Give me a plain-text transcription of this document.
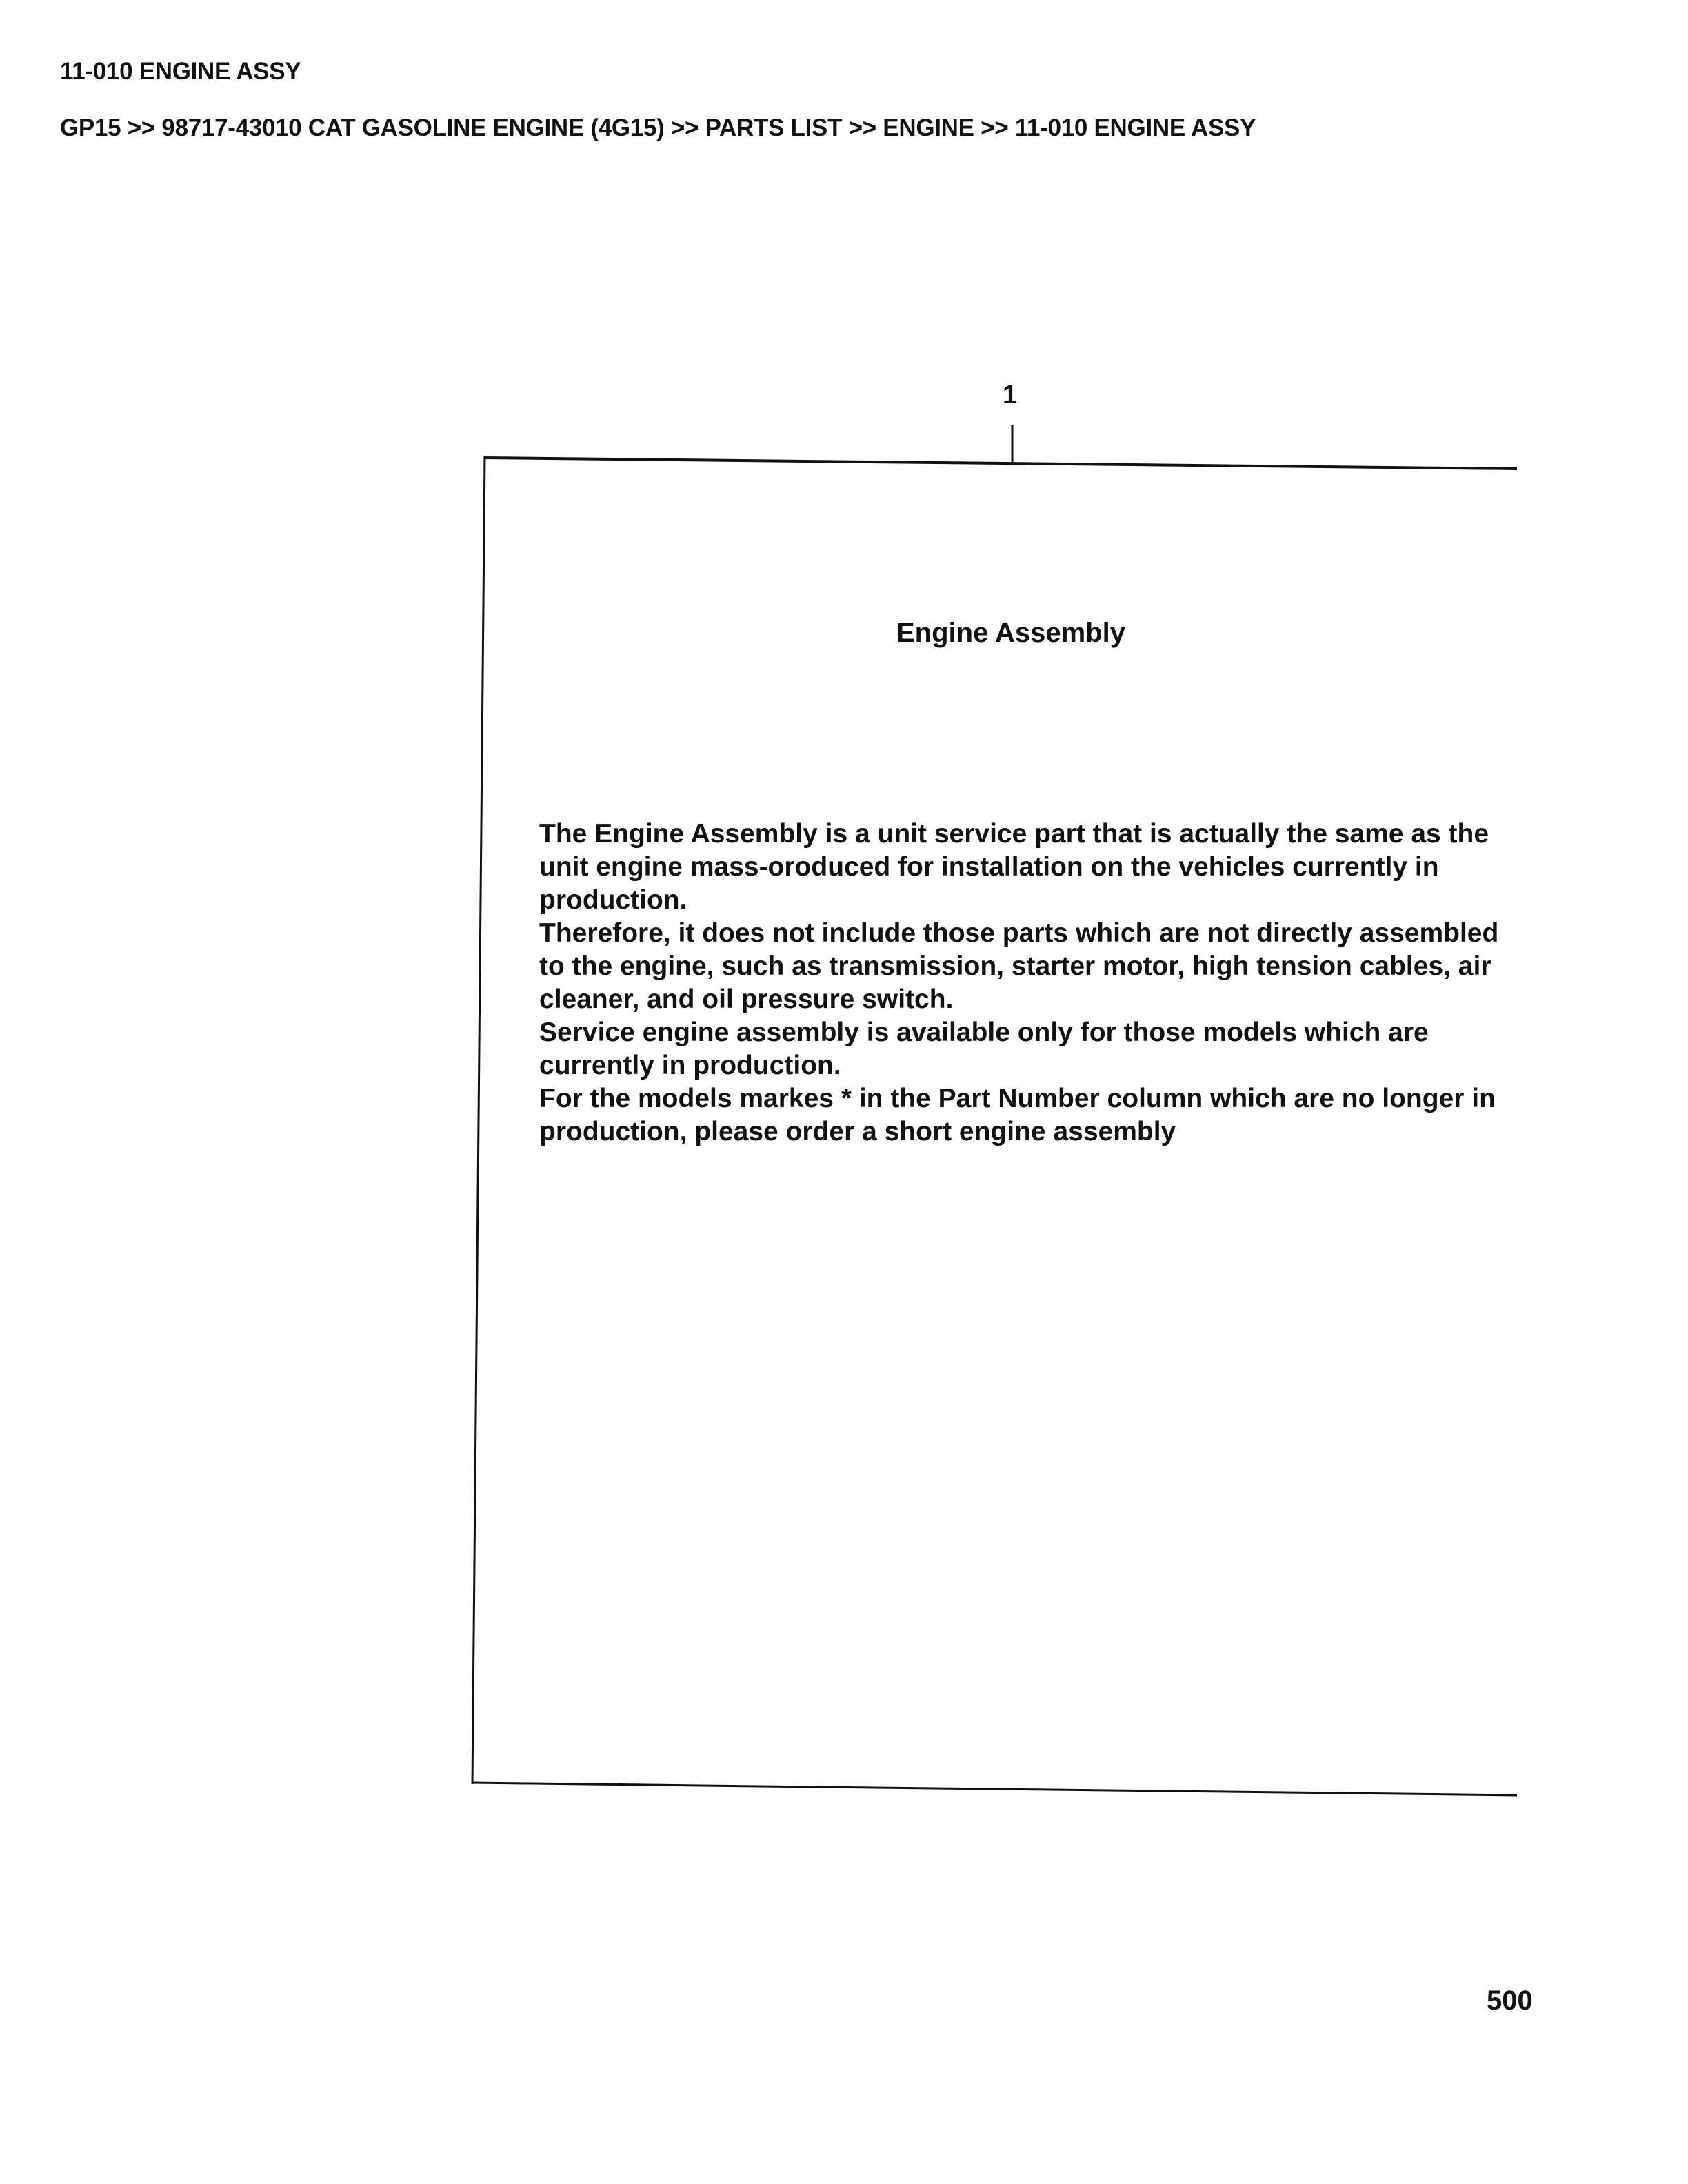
11-010 ENGINE ASSY
GP15 >> 98717-43010 CAT GASOLINE ENGINE (4G15) >> PARTS LIST >> ENGINE >> 11-010 ENGINE ASSY
1
Engine Assembly
The Engine Assembly is a unit service part that is actually the same as the
unit engine mass-oroduced for installation on the vehicles currently in
production.
Therefore, it does not include those parts which are not directly assembled
to the engine, such as transmission, starter motor, high tension cables, air
cleaner, and oil pressure switch.
Service engine assembly is available only for those models which are
currently in production.
For the models markes * in the Part Number column which are no longer in
production, please order a short engine assembly
500
